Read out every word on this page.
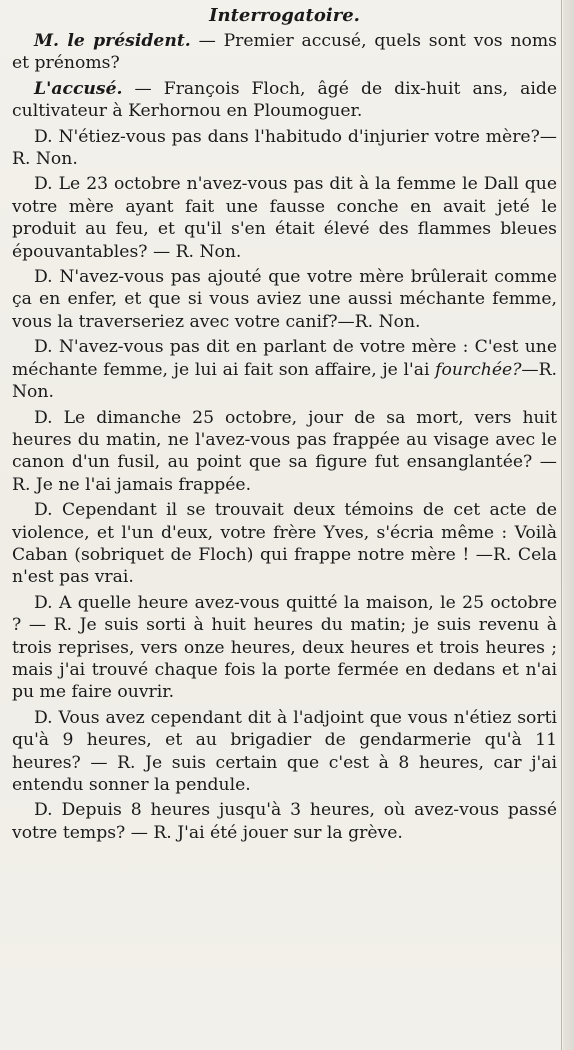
Interrogatoire.

M. le président. — Premier accusé, quels sont vos noms et prénoms?

L'accusé. — François Floch, âgé de dix-huit ans, aide cultivateur à Kerhornou en Ploumoguer.

D. N'étiez-vous pas dans l'habitudo d'injurier votre mère?—R. Non.

D. Le 23 octobre n'avez-vous pas dit à la femme le Dall que votre mère ayant fait une fausse conche en avait jeté le produit au feu, et qu'il s'en était élevé des flammes bleues épouvantables? — R. Non.

D. N'avez-vous pas ajouté que votre mère brûlerait comme ça en enfer, et que si vous aviez une aussi méchante femme, vous la traverseriez avec votre canif?—R. Non.

D. N'avez-vous pas dit en parlant de votre mère : C'est une méchante femme, je lui ai fait son affaire, je l'ai fourchée?—R. Non.

D. Le dimanche 25 octobre, jour de sa mort, vers huit heures du matin, ne l'avez-vous pas frappée au visage avec le canon d'un fusil, au point que sa figure fut ensanglantée? — R. Je ne l'ai jamais frappée.

D. Cependant il se trouvait deux témoins de cet acte de violence, et l'un d'eux, votre frère Yves, s'écria même : Voilà Caban (sobriquet de Floch) qui frappe notre mère ! —R. Cela n'est pas vrai.

D. A quelle heure avez-vous quitté la maison, le 25 octobre ? — R. Je suis sorti à huit heures du matin; je suis revenu à trois reprises, vers onze heures, deux heures et trois heures ; mais j'ai trouvé chaque fois la porte fermée en dedans et n'ai pu me faire ouvrir.

D. Vous avez cependant dit à l'adjoint que vous n'étiez sorti qu'à 9 heures, et au brigadier de gendarmerie qu'à 11 heures? — R. Je suis certain que c'est à 8 heures, car j'ai entendu sonner la pendule.

D. Depuis 8 heures jusqu'à 3 heures, où avez-vous passé votre temps? — R. J'ai été jouer sur la grève.
